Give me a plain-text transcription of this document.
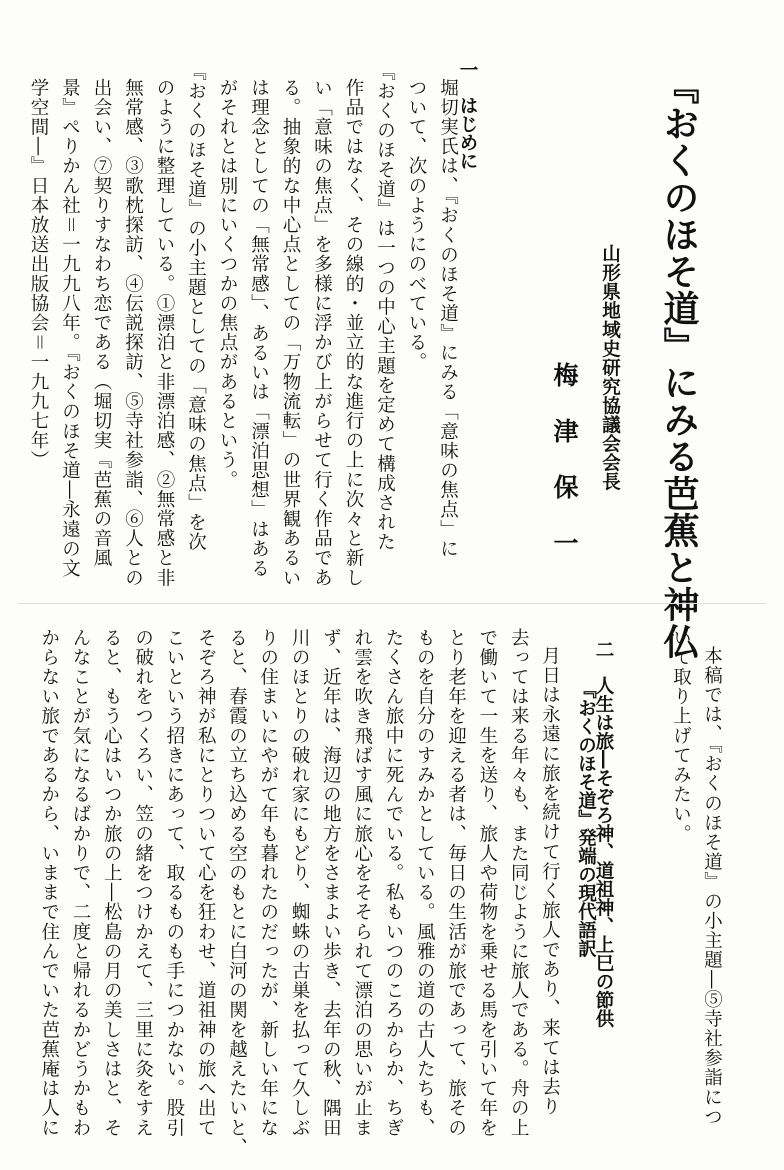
『おくのほそ道』にみる芭蕉と神仏
山形県地域史研究協議会会長
梅津保一
一
はじめに
堀切実氏は、『おくのほそ道』にみる「意味の焦点」に
ついて、次のようにのべている。
『おくのほそ道』は一つの中心主題を定めて構成された
作品ではなく、その線的・並立的な進行の上に次々と新し
い「意味の焦点」を多様に浮かび上がらせて行く作品であ
る。抽象的な中心点としての「万物流転」の世界観あるい
は理念としての「無常感」、あるいは「漂泊思想」はある
がそれとは別にいくつかの焦点があるという。
『おくのほそ道』の小主題としての「意味の焦点」を次
のように整理している。①漂泊と非漂泊感、②無常感と非
無常感、③歌枕探訪、④伝説探訪、⑤寺社参詣、⑥人との
出会い、⑦契りすなわち恋である（堀切実『芭蕉の音風
景』ぺりかん社＝一九九八年。『おくのほそ道―永遠の文
学空間―』日本放送出版協会＝一九九七年）
本稿では、『おくのほそ道』の小主題―⑤寺社参詣につ
いて取り上げてみたい。
二
人生は旅―そぞろ神、道祖神、上巳の節供
『おくのほそ道』発端の現代語訳
月日は永遠に旅を続けて行く旅人であり、来ては去り
去っては来る年々も、また同じように旅人である。舟の上
で働いて一生を送り、旅人や荷物を乗せる馬を引いて年を
とり老年を迎える者は、毎日の生活が旅であって、旅その
ものを自分のすみかとしている。風雅の道の古人たちも、
たくさん旅中に死んでいる。私もいつのころからか、ちぎ
れ雲を吹き飛ばす風に旅心をそそられて漂泊の思いが止ま
ず、近年は、海辺の地方をさまよい歩き、去年の秋、隅田
川のほとりの破れ家にもどり、蜘蛛の古巣を払って久しぶ
りの住まいにやがて年も暮れたのだったが、新しい年にな
ると、春霞の立ち込める空のもとに白河の関を越えたいと、
そぞろ神が私にとりついて心を狂わせ、道祖神の旅へ出て
こいという招きにあって、取るものも手につかない。股引
の破れをつくろい、笠の緒をつけかえて、三里に灸をすえ
ると、もう心はいつか旅の上―松島の月の美しさはと、そ
んなことが気になるばかりで、二度と帰れるかどうかもわ
からない旅であるから、いままで住んでいた芭蕉庵は人に
